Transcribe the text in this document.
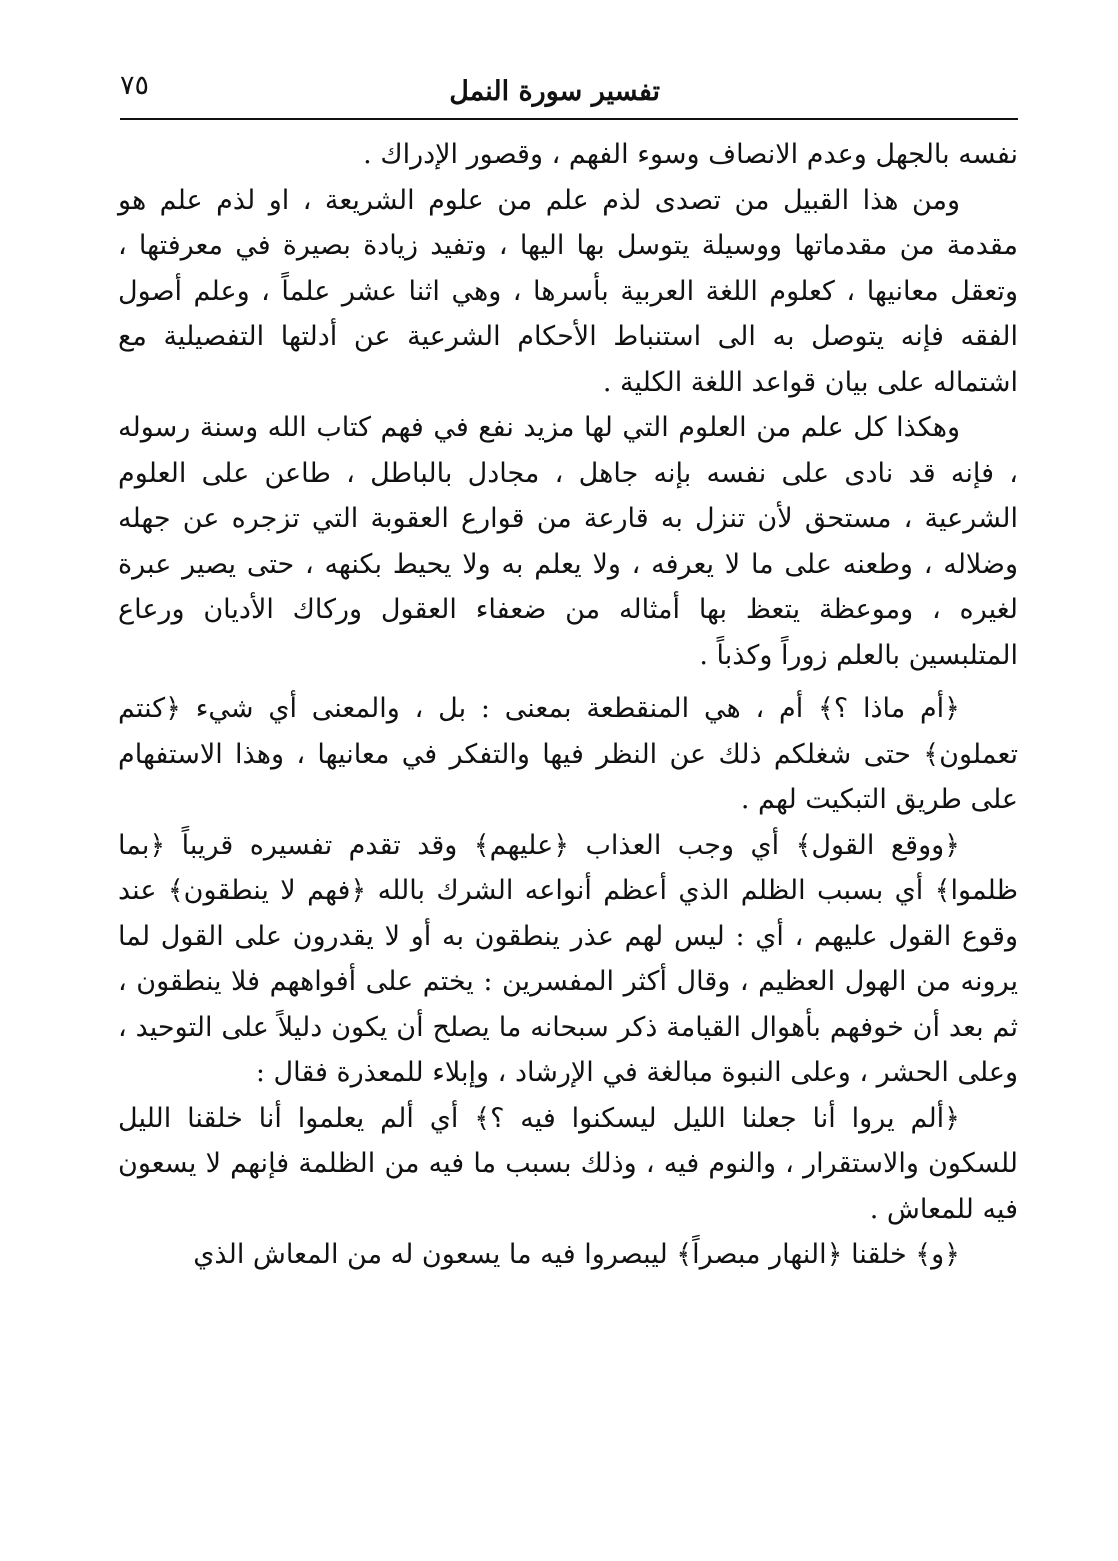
تفسير سورة النمل
٧٥

نفسه بالجهل وعدم الانصاف وسوء الفهم ، وقصور الإدراك .

ومن هذا القبيل من تصدى لذم علم من علوم الشريعة ، او لذم علم هو مقدمة من مقدماتها ووسيلة يتوسل بها اليها ، وتفيد زيادة بصيرة في معرفتها ، وتعقل معانيها ، كعلوم اللغة العربية بأسرها ، وهي اثنا عشر علماً ، وعلم أصول الفقه فإنه يتوصل به الى استنباط الأحكام الشرعية عن أدلتها التفصيلية مع اشتماله على بيان قواعد اللغة الكلية .

وهكذا كل علم من العلوم التي لها مزيد نفع في فهم كتاب الله وسنة رسوله ، فإنه قد نادى على نفسه بإنه جاهل ، مجادل بالباطل ، طاعن على العلوم الشرعية ، مستحق لأن تنزل به قارعة من قوارع العقوبة التي تزجره عن جهله وضلاله ، وطعنه على ما لا يعرفه ، ولا يعلم به ولا يحيط بكنهه ، حتى يصير عبرة لغيره ، وموعظة يتعظ بها أمثاله من ضعفاء العقول وركاك الأديان ورعاع المتلبسين بالعلم زوراً وكذباً .

﴿أم ماذا ؟﴾ أم ، هي المنقطعة بمعنى : بل ، والمعنى أي شيء ﴿كنتم تعملون﴾ حتى شغلكم ذلك عن النظر فيها والتفكر في معانيها ، وهذا الاستفهام على طريق التبكيت لهم .

﴿ووقع القول﴾ أي وجب العذاب ﴿عليهم﴾ وقد تقدم تفسيره قريباً ﴿بما ظلموا﴾ أي بسبب الظلم الذي أعظم أنواعه الشرك بالله ﴿فهم لا ينطقون﴾ عند وقوع القول عليهم ، أي : ليس لهم عذر ينطقون به أو لا يقدرون على القول لما يرونه من الهول العظيم ، وقال أكثر المفسرين : يختم على أفواههم فلا ينطقون ، ثم بعد أن خوفهم بأهوال القيامة ذكر سبحانه ما يصلح أن يكون دليلاً على التوحيد ، وعلى الحشر ، وعلى النبوة مبالغة في الإرشاد ، وإبلاء للمعذرة فقال :

﴿ألم يروا أنا جعلنا الليل ليسكنوا فيه ؟﴾ أي ألم يعلموا أنا خلقنا الليل للسكون والاستقرار ، والنوم فيه ، وذلك بسبب ما فيه من الظلمة فإنهم لا يسعون فيه للمعاش .

﴿و﴾ خلقنا ﴿النهار مبصراً﴾ ليبصروا فيه ما يسعون له من المعاش الذي
